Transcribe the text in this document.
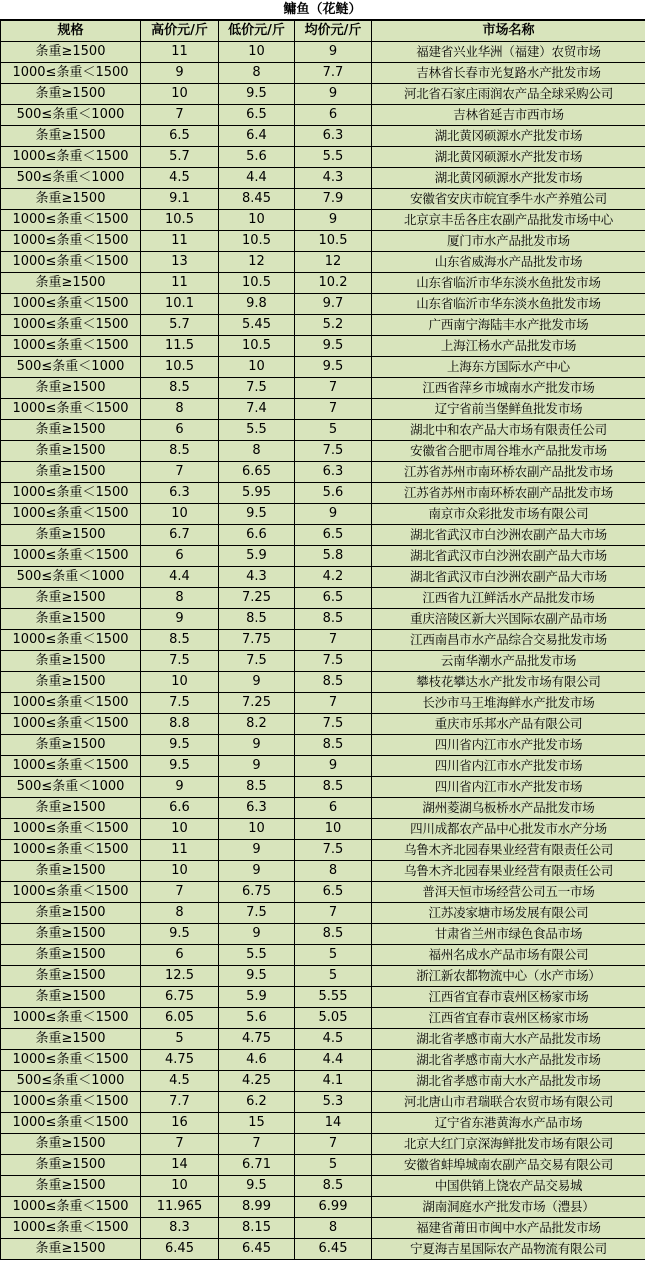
鳙鱼（花鲢）
规格	高价元/斤	低价元/斤	均价元/斤	市场名称
条重≥1500	11	10	9	福建省兴业华洲（福建）农贸市场
1000≤条重＜1500	9	8	7.7	吉林省长春市光复路水产批发市场
条重≥1500	10	9.5	9	河北省石家庄雨润农产品全球采购公司
500≤条重＜1000	7	6.5	6	吉林省延吉市西市场
条重≥1500	6.5	6.4	6.3	湖北黄冈硕源水产批发市场
1000≤条重＜1500	5.7	5.6	5.5	湖北黄冈硕源水产批发市场
500≤条重＜1000	4.5	4.4	4.3	湖北黄冈硕源水产批发市场
条重≥1500	9.1	8.45	7.9	安徽省安庆市皖宜季牛水产养殖公司
1000≤条重＜1500	10.5	10	9	北京京丰岳各庄农副产品批发市场中心
1000≤条重＜1500	11	10.5	10.5	厦门市水产品批发市场
1000≤条重＜1500	13	12	12	山东省威海水产品批发市场
条重≥1500	11	10.5	10.2	山东省临沂市华东淡水鱼批发市场
1000≤条重＜1500	10.1	9.8	9.7	山东省临沂市华东淡水鱼批发市场
1000≤条重＜1500	5.7	5.45	5.2	广西南宁海陆丰水产批发市场
1000≤条重＜1500	11.5	10.5	9.5	上海江杨水产品批发市场
500≤条重＜1000	10.5	10	9.5	上海东方国际水产中心
条重≥1500	8.5	7.5	7	江西省萍乡市城南水产批发市场
1000≤条重＜1500	8	7.4	7	辽宁省前当堡鲜鱼批发市场
条重≥1500	6	5.5	5	湖北中和农产品大市场有限责任公司
条重≥1500	8.5	8	7.5	安徽省合肥市周谷堆水产品批发市场
条重≥1500	7	6.65	6.3	江苏省苏州市南环桥农副产品批发市场
1000≤条重＜1500	6.3	5.95	5.6	江苏省苏州市南环桥农副产品批发市场
1000≤条重＜1500	10	9.5	9	南京市众彩批发市场有限公司
条重≥1500	6.7	6.6	6.5	湖北省武汉市白沙洲农副产品大市场
1000≤条重＜1500	6	5.9	5.8	湖北省武汉市白沙洲农副产品大市场
500≤条重＜1000	4.4	4.3	4.2	湖北省武汉市白沙洲农副产品大市场
条重≥1500	8	7.25	6.5	江西省九江鲜活水产品批发市场
条重≥1500	9	8.5	8.5	重庆涪陵区新大兴国际农副产品市场
1000≤条重＜1500	8.5	7.75	7	江西南昌市水产品综合交易批发市场
条重≥1500	7.5	7.5	7.5	云南华潮水产品批发市场
条重≥1500	10	9	8.5	攀枝花攀达水产批发市场有限公司
1000≤条重＜1500	7.5	7.25	7	长沙市马王堆海鲜水产批发市场
1000≤条重＜1500	8.8	8.2	7.5	重庆市乐邦水产品有限公司
条重≥1500	9.5	9	8.5	四川省内江市水产批发市场
1000≤条重＜1500	9.5	9	9	四川省内江市水产批发市场
500≤条重＜1000	9	8.5	8.5	四川省内江市水产批发市场
条重≥1500	6.6	6.3	6	湖州菱湖乌板桥水产品批发市场
1000≤条重＜1500	10	10	10	四川成都农产品中心批发市水产分场
1000≤条重＜1500	11	9	7.5	乌鲁木齐北园春果业经营有限责任公司
条重≥1500	10	9	8	乌鲁木齐北园春果业经营有限责任公司
1000≤条重＜1500	7	6.75	6.5	普洱天恒市场经营公司五一市场
条重≥1500	8	7.5	7	江苏凌家塘市场发展有限公司
条重≥1500	9.5	9	8.5	甘肃省兰州市绿色食品市场
条重≥1500	6	5.5	5	福州名成水产品市场有限公司
条重≥1500	12.5	9.5	5	浙江新农都物流中心（水产市场）
条重≥1500	6.75	5.9	5.55	江西省宜春市袁州区杨家市场
1000≤条重＜1500	6.05	5.6	5.05	江西省宜春市袁州区杨家市场
条重≥1500	5	4.75	4.5	湖北省孝感市南大水产品批发市场
1000≤条重＜1500	4.75	4.6	4.4	湖北省孝感市南大水产品批发市场
500≤条重＜1000	4.5	4.25	4.1	湖北省孝感市南大水产品批发市场
1000≤条重＜1500	7.7	6.2	5.3	河北唐山市君瑞联合农贸市场有限公司
1000≤条重＜1500	16	15	14	辽宁省东港黄海水产品市场
条重≥1500	7	7	7	北京大红门京深海鲜批发市场有限公司
条重≥1500	14	6.71	5	安徽省蚌埠城南农副产品交易有限公司
条重≥1500	10	9.5	8.5	中国供销上饶农产品交易城
1000≤条重＜1500	11.965	8.99	6.99	湖南洞庭水产批发市场（澧县）
1000≤条重＜1500	8.3	8.15	8	福建省莆田市闽中水产品批发市场
条重≥1500	6.45	6.45	6.45	宁夏海吉星国际农产品物流有限公司
